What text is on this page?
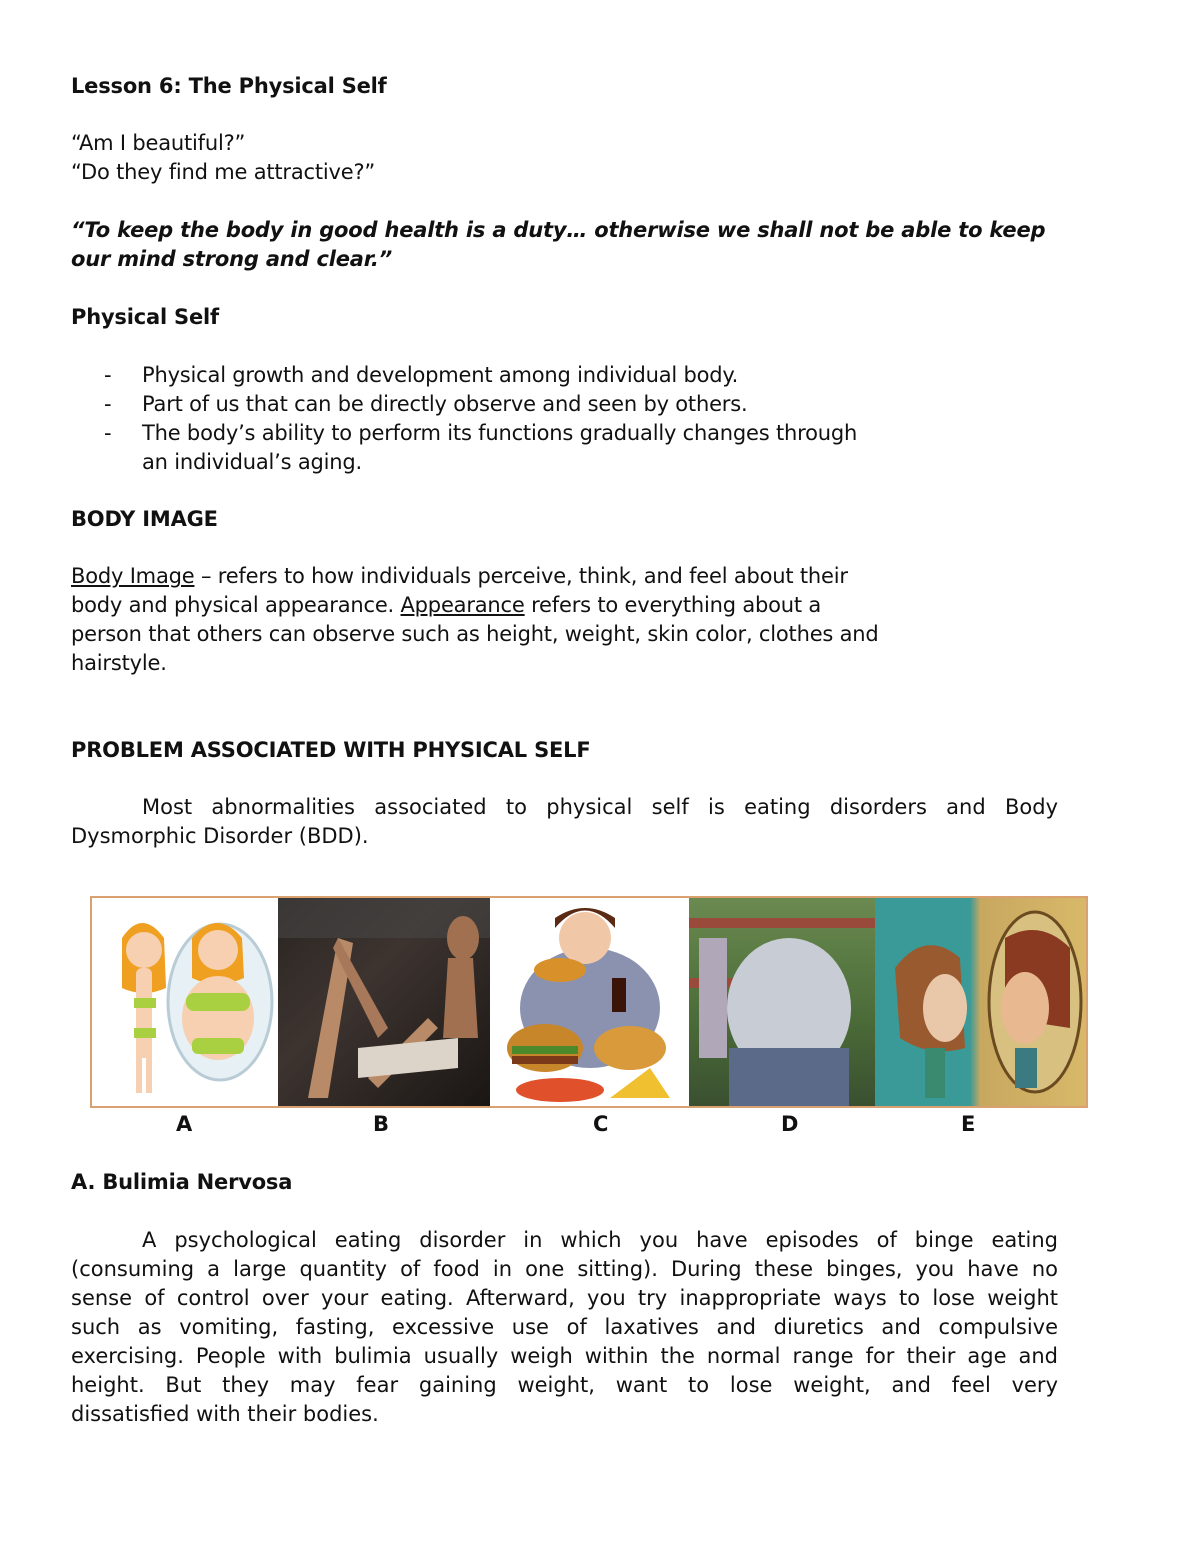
Lesson 6: The Physical Self
“Am I beautiful?”
“Do they find me attractive?”
“To keep the body in good health is a duty… otherwise we shall not be able to keep
our mind strong and clear.”
Physical Self
- Physical growth and development among individual body.
- Part of us that can be directly observe and seen by others.
- The body’s ability to perform its functions gradually changes through
an individual’s aging.
BODY IMAGE
Body Image – refers to how individuals perceive, think, and feel about their
body and physical appearance. Appearance refers to everything about a
person that others can observe such as height, weight, skin color, clothes and
hairstyle.
PROBLEM ASSOCIATED WITH PHYSICAL SELF
Most abnormalities associated to physical self is eating disorders and Body
Dysmorphic Disorder (BDD).
A	B	C	D	E
A. Bulimia Nervosa
A psychological eating disorder in which you have episodes of binge eating
(consuming a large quantity of food in one sitting). During these binges, you have no
sense of control over your eating. Afterward, you try inappropriate ways to lose weight
such as vomiting, fasting, excessive use of laxatives and diuretics and compulsive
exercising. People with bulimia usually weigh within the normal range for their age and
height. But they may fear gaining weight, want to lose weight, and feel very
dissatisfied with their bodies.
